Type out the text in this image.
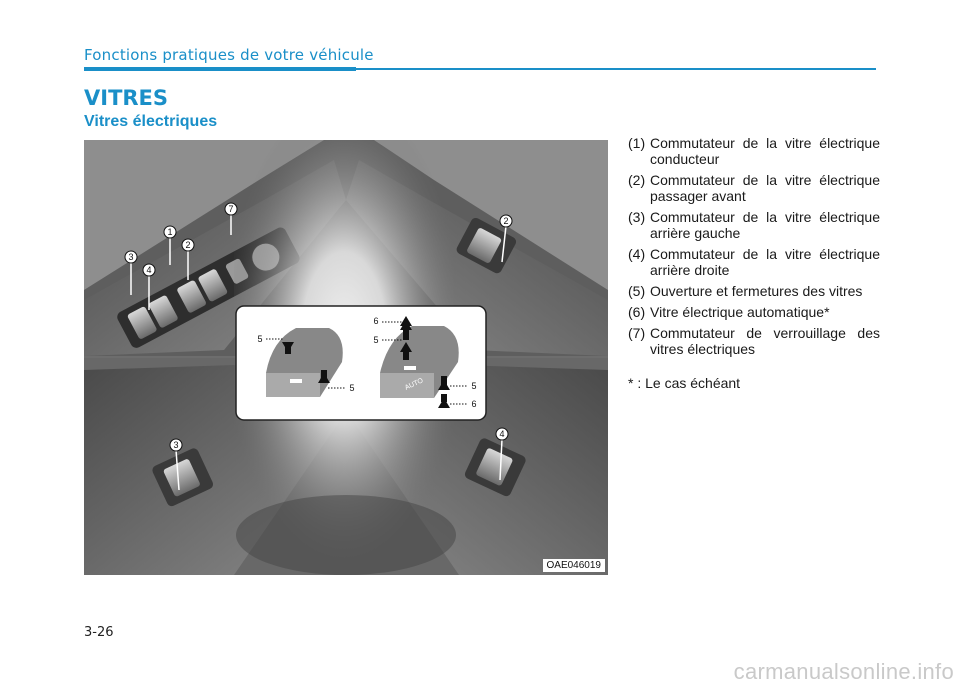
Fonctions pratiques de votre véhicule
VITRES
Vitres électriques
1
2
3
4
7
2
3
4
5
5	AUTO
6
5
5
6
OAE046019
(1) Commutateur de la vitre électrique conducteur
(2) Commutateur de la vitre électrique passager avant
(3) Commutateur de la vitre électrique arrière gauche
(4) Commutateur de la vitre électrique arrière droite
(5) Ouverture et fermetures des vitres
(6) Vitre électrique automatique*
(7) Commutateur de verrouillage des vitres électriques
* : Le cas échéant
3-26
carmanualsonline.info
